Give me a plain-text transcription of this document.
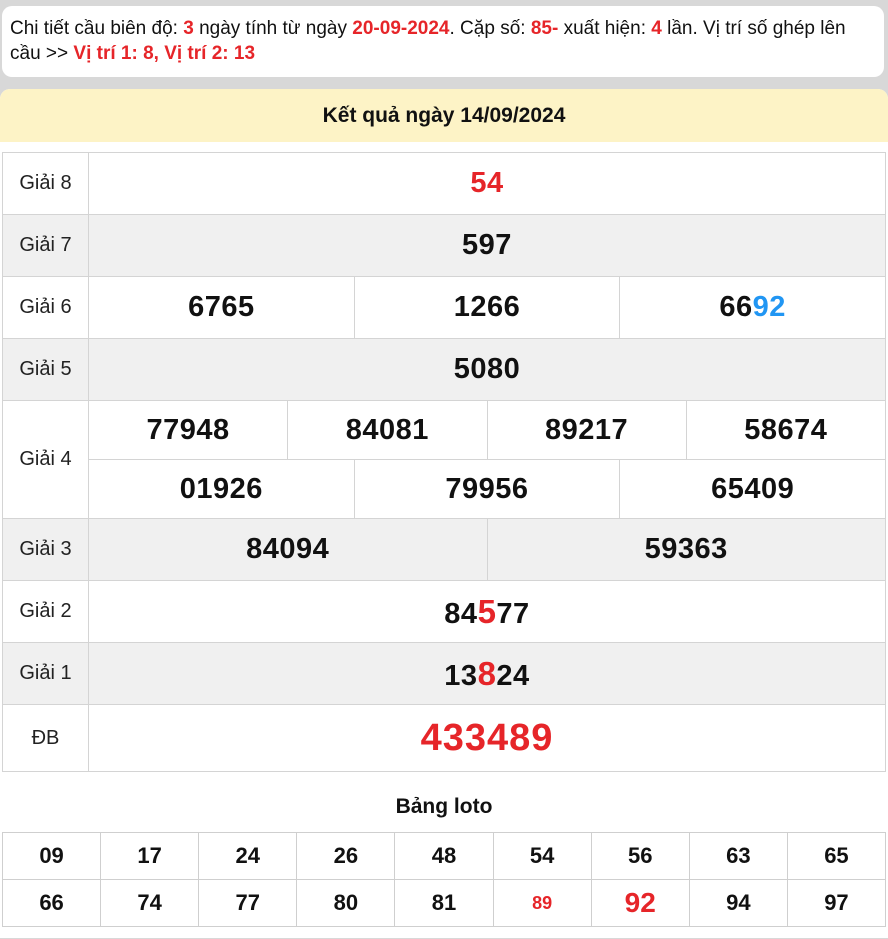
Chi tiết cầu biên độ: 3 ngày tính từ ngày 20-09-2024. Cặp số: 85- xuất hiện: 4 lần. Vị trí số ghép lên cầu >> Vị trí 1: 8, Vị trí 2: 13
Kết quả ngày 14/09/2024
Giải 8	54
Giải 7	597
Giải 6	6765	1266	6692
Giải 5	5080
Giải 4
77948	84081	89217	58674
01926	79956	65409
Giải 3	84094	59363
Giải 2	84577
Giải 1	13824
ĐB	433489
Bảng loto
09	17	24	26	48	54	56	63	65
66	74	77	80	81	89	92	94	97
